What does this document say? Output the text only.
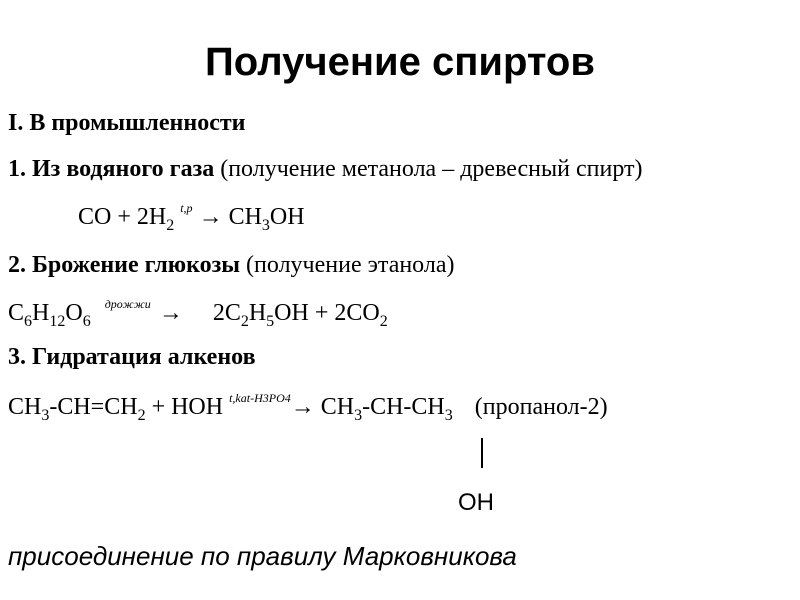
Получение спиртов
I. В промышленности
1. Из водяного газа (получение метанола – древесный спирт)
CO + $2H_2$ $^{t,p} \to CH_3OH$
2. Брожение глюкозы (получение этанола)
$C_6H_{12}O_6^{дрожжи} \to 2C_2H_5OH + 2CO_2$
3. Гидратация алкенов
$CH_3-CH=CH_2$ + HOH $^{t,kat-H3PO4}\to CH_3-CH-CH_3$ (пропанол-2)
OH
присоединение по правилу Марковникова
